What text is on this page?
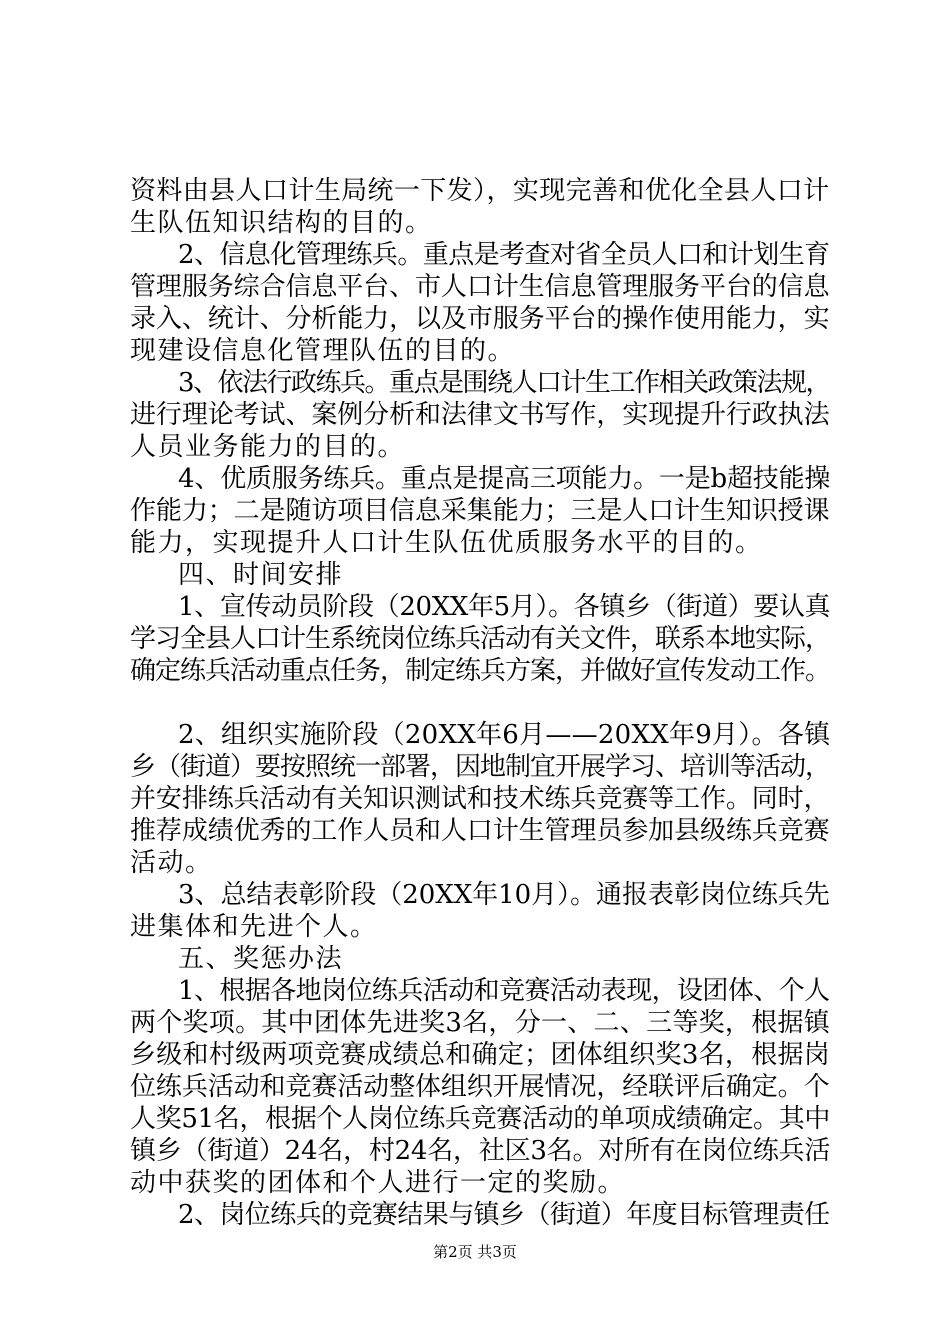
资料由县人口计生局统一下发），实现完善和优化全县人口计
生队伍知识结构的目的。
2、信息化管理练兵。重点是考查对省全员人口和计划生育
管理服务综合信息平台、市人口计生信息管理服务平台的信息
录入、统计、分析能力，以及市服务平台的操作使用能力，实
现建设信息化管理队伍的目的。
3、依法行政练兵。重点是围绕人口计生工作相关政策法规，
进行理论考试、案例分析和法律文书写作，实现提升行政执法
人员业务能力的目的。
4、优质服务练兵。重点是提高三项能力。一是b超技能操
作能力；二是随访项目信息采集能力；三是人口计生知识授课
能力，实现提升人口计生队伍优质服务水平的目的。
四、时间安排
1、宣传动员阶段（20XX年5月）。各镇乡（街道）要认真
学习全县人口计生系统岗位练兵活动有关文件，联系本地实际，
确定练兵活动重点任务，制定练兵方案，并做好宣传发动工作。
2、组织实施阶段（20XX年6月——20XX年9月）。各镇
乡（街道）要按照统一部署，因地制宜开展学习、培训等活动，
并安排练兵活动有关知识测试和技术练兵竞赛等工作。同时，
推荐成绩优秀的工作人员和人口计生管理员参加县级练兵竞赛
活动。
3、总结表彰阶段（20XX年10月）。通报表彰岗位练兵先
进集体和先进个人。
五、奖惩办法
1、根据各地岗位练兵活动和竞赛活动表现，设团体、个人
两个奖项。其中团体先进奖3名，分一、二、三等奖，根据镇
乡级和村级两项竞赛成绩总和确定；团体组织奖3名，根据岗
位练兵活动和竞赛活动整体组织开展情况，经联评后确定。个
人奖51名，根据个人岗位练兵竞赛活动的单项成绩确定。其中
镇乡（街道）24名，村24名，社区3名。对所有在岗位练兵活
动中获奖的团体和个人进行一定的奖励。
2、岗位练兵的竞赛结果与镇乡（街道）年度目标管理责任
第2页 共3页
